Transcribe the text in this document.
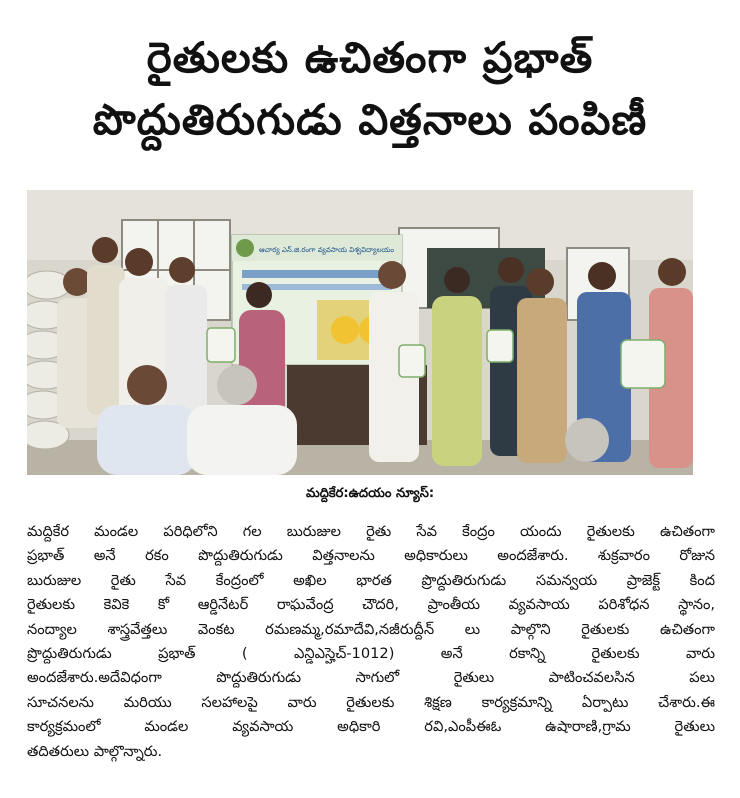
రైతులకు ఉచితంగా ప్రభాత్
పొద్దుతిరుగుడు విత్తనాలు పంపిణీ
ఆచార్య ఎన్.జి.రంగా వ్యవసాయ విశ్వవిద్యాలయం
మద్దికేర:ఉదయం న్యూస్:
మద్దికేర మండల పరిధిలోని గల బురుజుల రైతు సేవ కేంద్రం యందు రైతులకు ఉచితంగా
ప్రభాత్ అనే రకం పొద్దుతిరుగుడు విత్తనాలను అధికారులు అందజేశారు. శుక్రవారం రోజున
బురుజుల రైతు సేవ కేంద్రంలో అఖిల భారత ప్రొద్దుతిరుగుడు సమన్వయ ప్రాజెక్ట్ కింద
రైతులకు కెవికె కో ఆర్డినేటర్ రాఘవేంద్ర చౌదరి, ప్రాంతీయ వ్యవసాయ పరిశోధన స్థానం,
నంద్యాల శాస్త్రవేత్తలు వెంకట రమణమ్మ,రమాదేవి,నజీరుద్దీన్ లు పాల్గొని రైతులకు ఉచితంగా
ప్రొద్దుతిరుగుడు ప్రభాత్ ( ఎన్డిఎస్హెచ్-1012) అనే రకాన్ని రైతులకు వారు
అందజేశారు.అదేవిధంగా పొద్దుతిరుగుడు సాగులో రైతులు పాటించవలసిన పలు
సూచనలను మరియు సలహాలపై వారు రైతులకు శిక్షణ కార్యక్రమాన్ని ఏర్పాటు చేశారు.ఈ
కార్యక్రమంలో మండల వ్యవసాయ అధికారి రవి,ఎంపీఈఓ ఉషారాణి,గ్రామ రైతులు
తదితరులు పాల్గొన్నారు.
